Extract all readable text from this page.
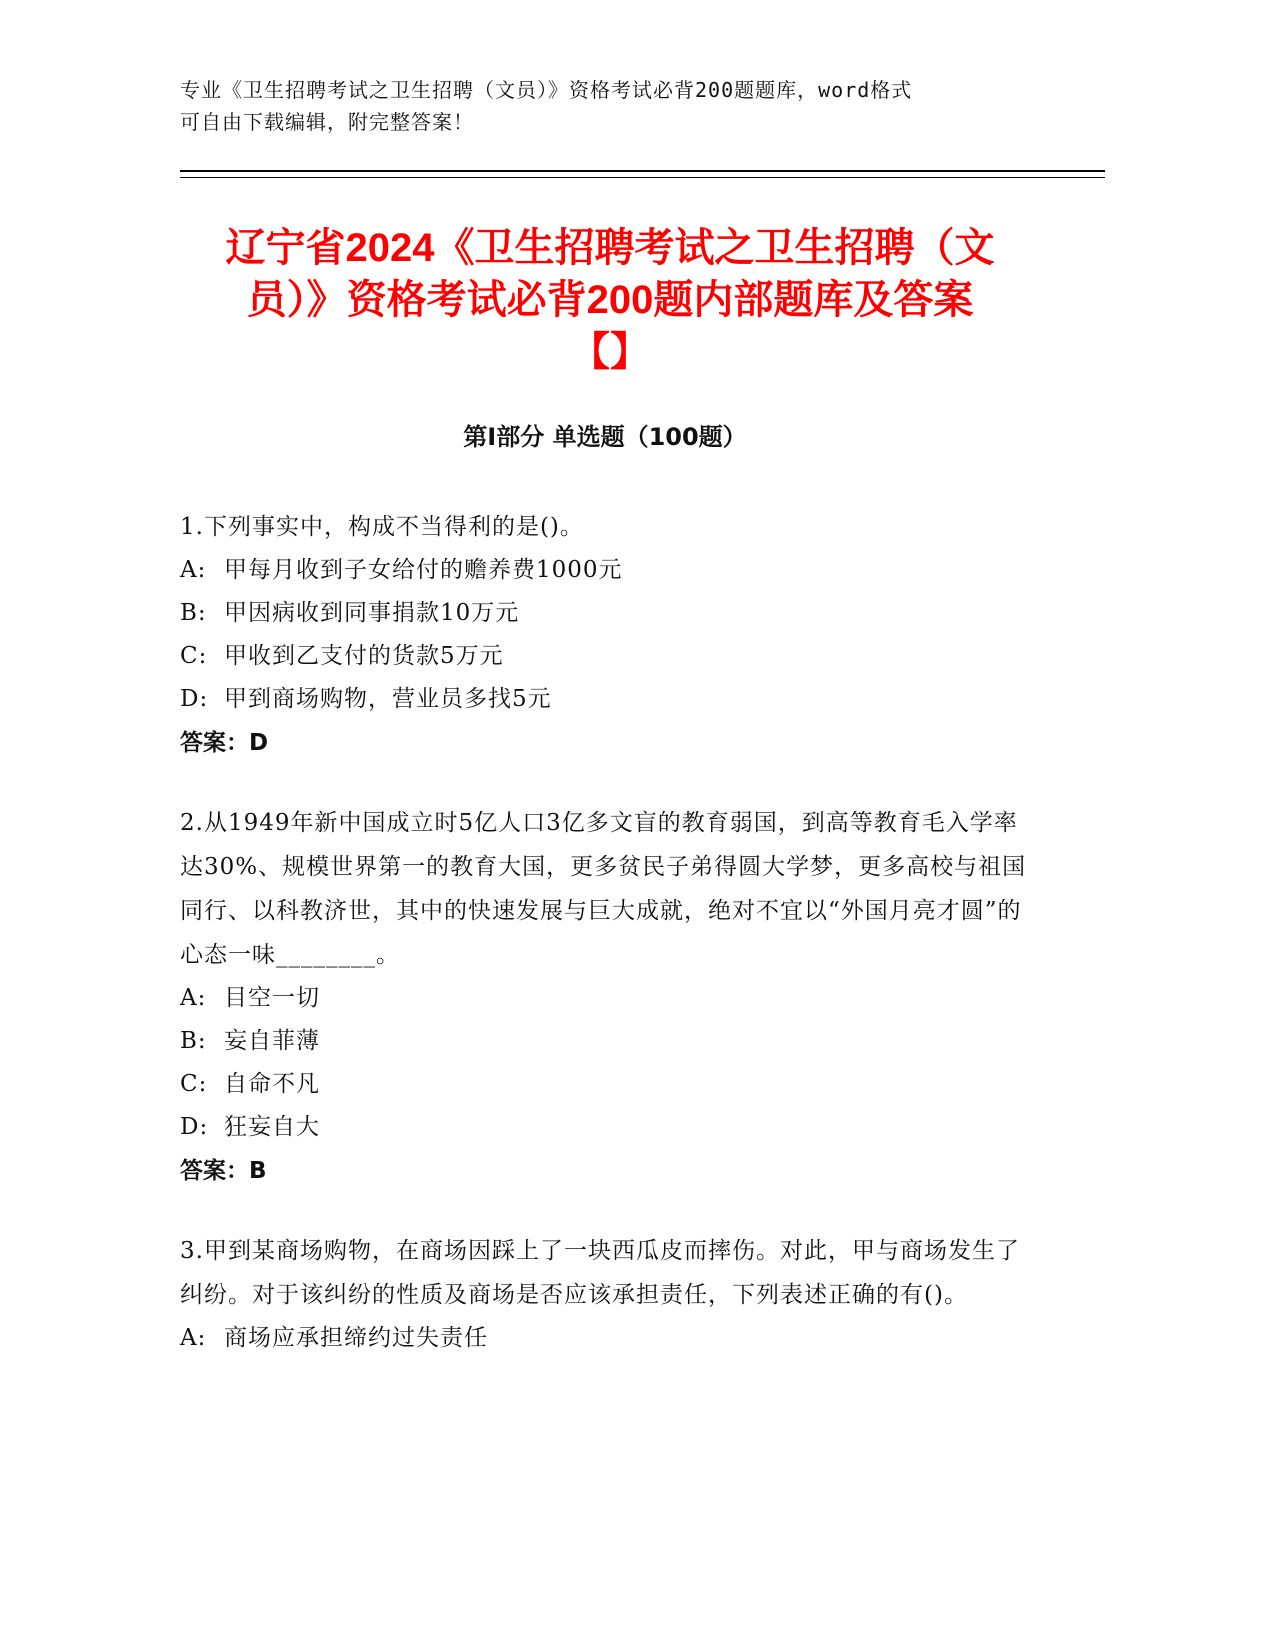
专业《卫生招聘考试之卫生招聘（文员）》资格考试必背200题题库，word格式
可自由下载编辑，附完整答案！
辽宁省2024《卫生招聘考试之卫生招聘（文
员）》资格考试必背200题内部题库及答案
【】
第I部分 单选题（100题）
1.下列事实中，构成不当得利的是()。
A: 甲每月收到子女给付的赡养费1000元
B: 甲因病收到同事捐款10万元
C: 甲收到乙支付的货款5万元
D: 甲到商场购物，营业员多找5元
答案：D
2.从1949年新中国成立时5亿人口3亿多文盲的教育弱国，到高等教育毛入学率达30%、规模世界第一的教育大国，更多贫民子弟得圆大学梦，更多高校与祖国同行、以科教济世，其中的快速发展与巨大成就，绝对不宜以“外国月亮才圆”的心态一味________。
A: 目空一切
B: 妄自菲薄
C: 自命不凡
D: 狂妄自大
答案：B
3.甲到某商场购物，在商场因踩上了一块西瓜皮而摔伤。对此，甲与商场发生了纠纷。对于该纠纷的性质及商场是否应该承担责任，下列表述正确的有()。
A: 商场应承担缔约过失责任
